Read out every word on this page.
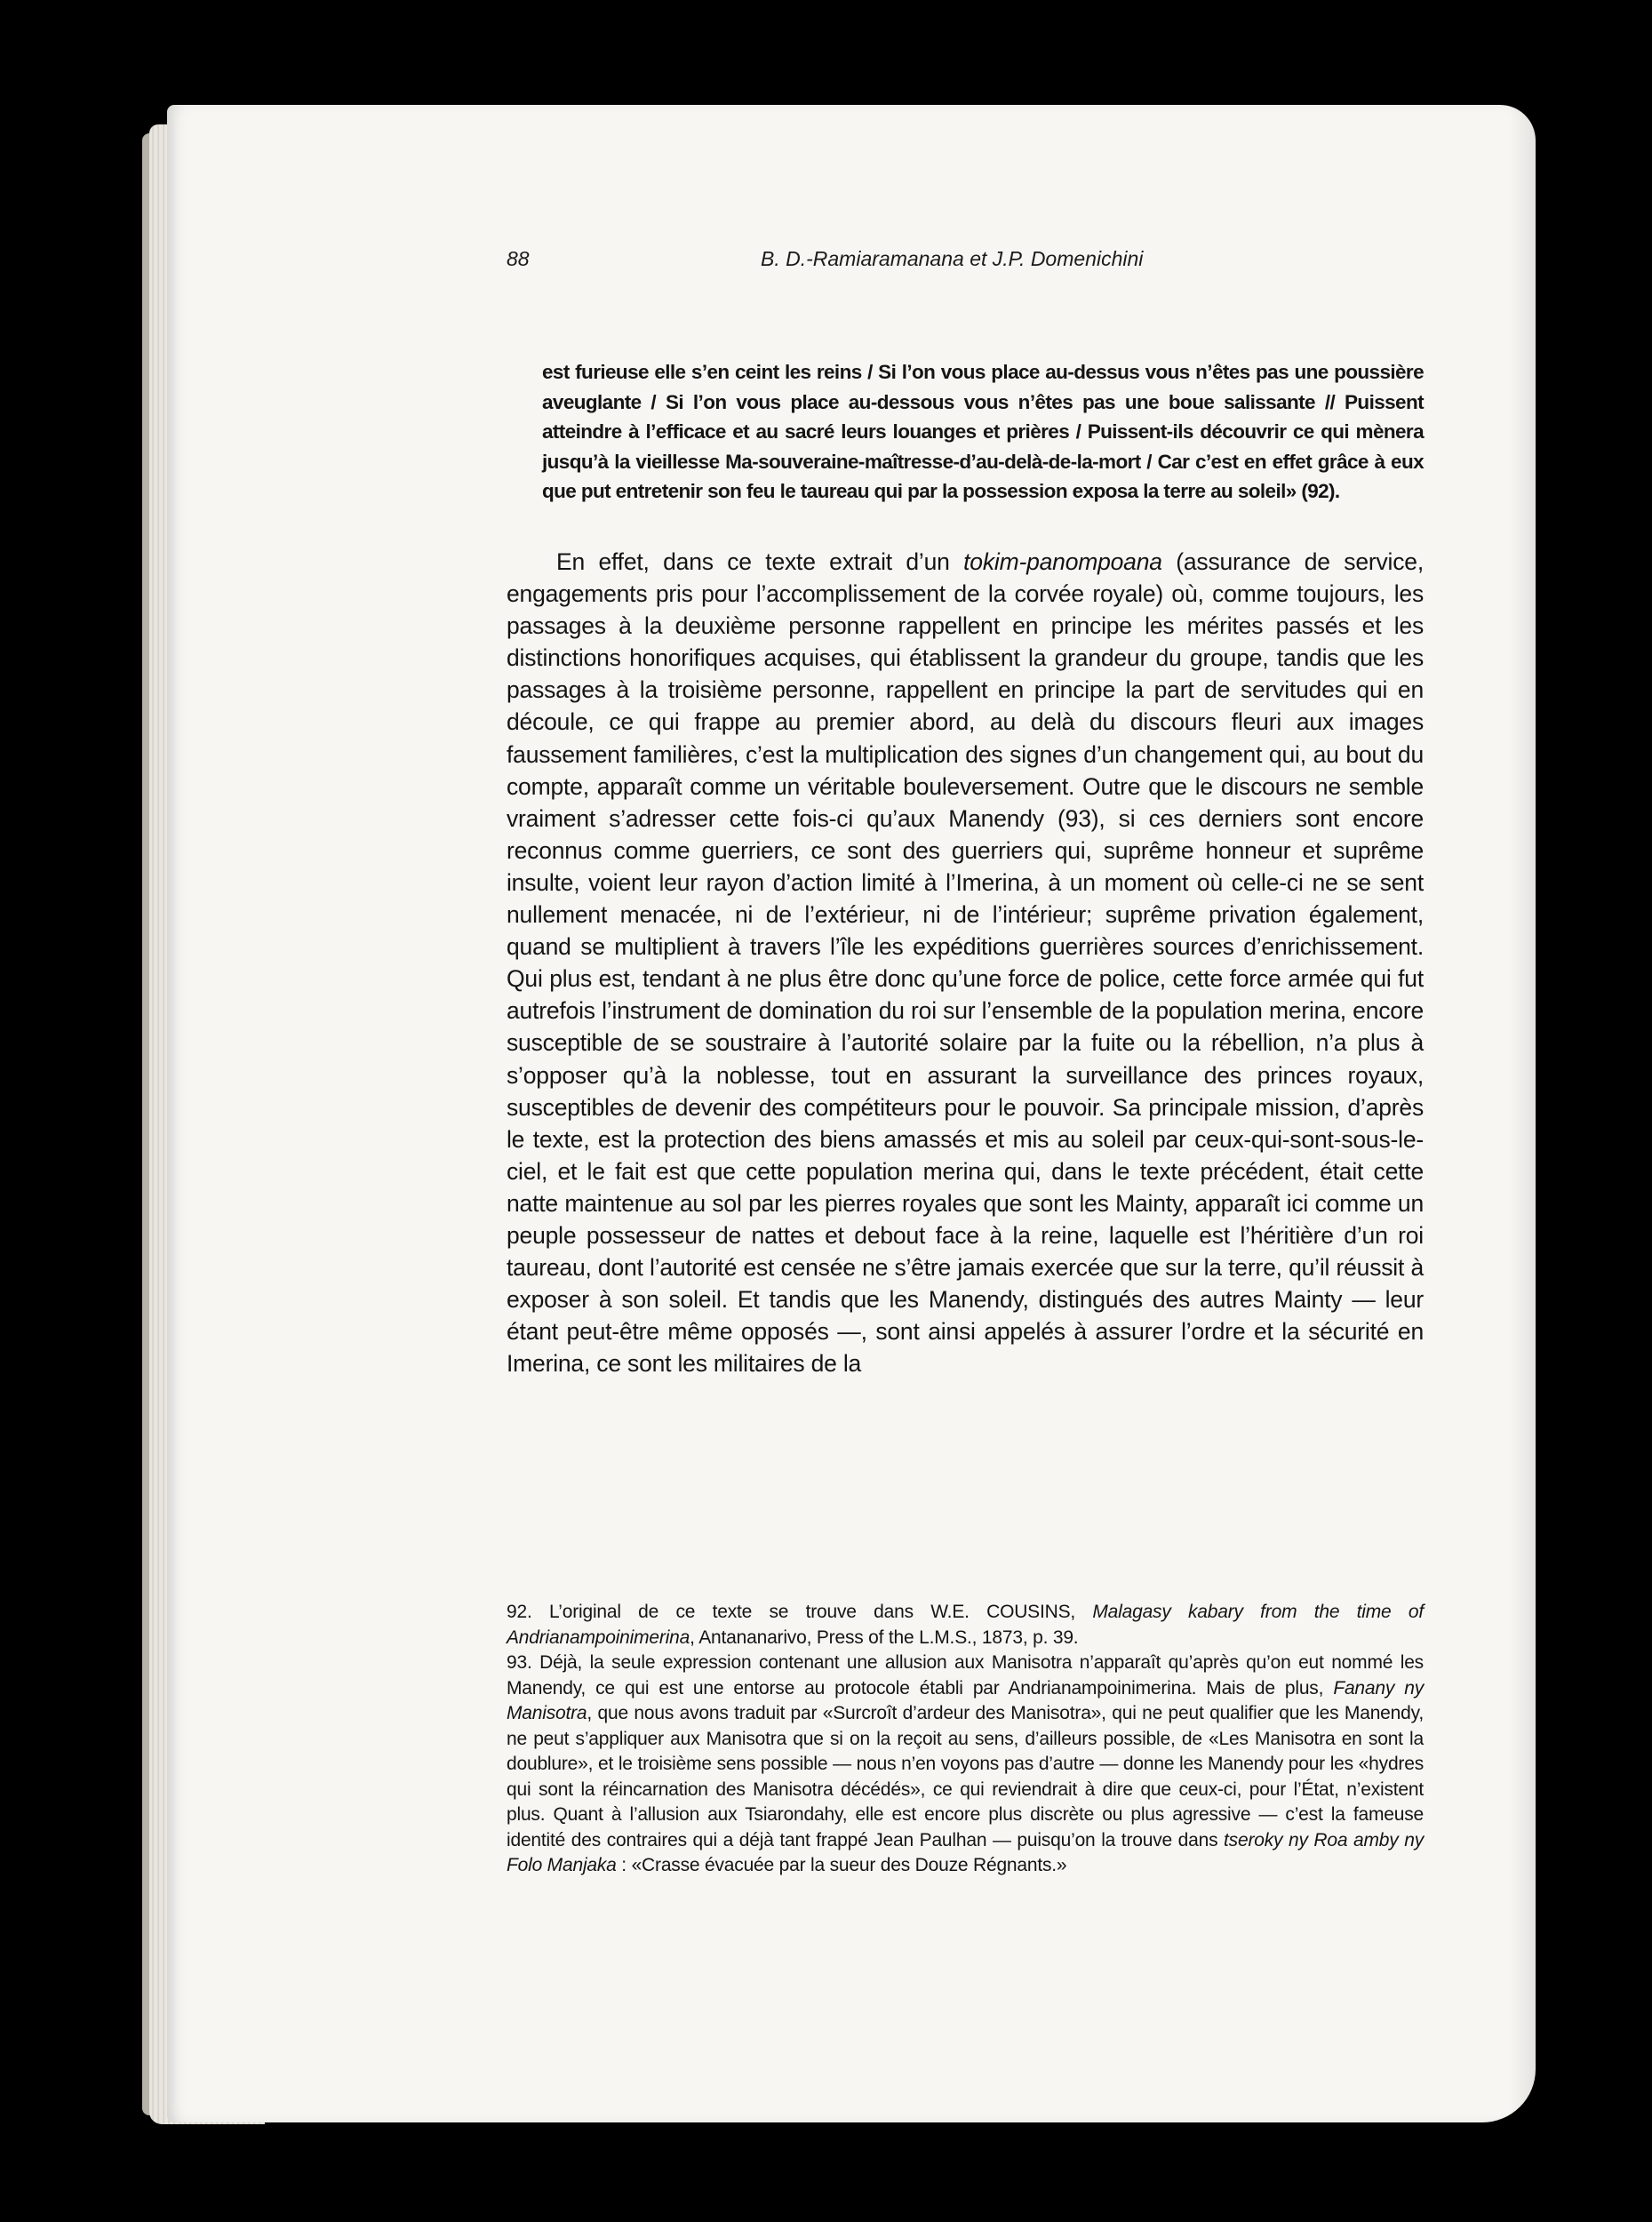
88	B. D.-Ramiaramanana et J.P. Domenichini

est furieuse elle s’en ceint les reins / Si l’on vous place au-dessus vous n’êtes pas une poussière aveuglante / Si l’on vous place au-dessous vous n’êtes pas une boue salissante // Puissent atteindre à l’efficace et au sacré leurs louanges et prières / Puissent-ils découvrir ce qui mènera jusqu’à la vieillesse Ma-souveraine-maîtresse-d’au-delà-de-la-mort / Car c’est en effet grâce à eux que put entretenir son feu le taureau qui par la possession exposa la terre au soleil» (92).

En effet, dans ce texte extrait d’un tokim-panompoana (assurance de service, engagements pris pour l’accomplissement de la corvée royale) où, comme toujours, les passages à la deuxième personne rappellent en principe les mérites passés et les distinctions honorifiques acquises, qui établissent la grandeur du groupe, tandis que les passages à la troisième personne, rappellent en principe la part de servitudes qui en découle, ce qui frappe au premier abord, au delà du discours fleuri aux images faussement familières, c’est la multiplication des signes d’un changement qui, au bout du compte, apparaît comme un véritable bouleversement. Outre que le discours ne semble vraiment s’adresser cette fois-ci qu’aux Manendy (93), si ces derniers sont encore reconnus comme guerriers, ce sont des guerriers qui, suprême honneur et suprême insulte, voient leur rayon d’action limité à l’Imerina, à un moment où celle-ci ne se sent nullement menacée, ni de l’extérieur, ni de l’intérieur; suprême privation également, quand se multiplient à travers l’île les expéditions guerrières sources d’enrichissement. Qui plus est, tendant à ne plus être donc qu’une force de police, cette force armée qui fut autrefois l’instrument de domination du roi sur l’ensemble de la population merina, encore susceptible de se soustraire à l’autorité solaire par la fuite ou la rébellion, n’a plus à s’opposer qu’à la noblesse, tout en assurant la surveillance des princes royaux, susceptibles de devenir des compétiteurs pour le pouvoir. Sa principale mission, d’après le texte, est la protection des biens amassés et mis au soleil par ceux-qui-sont-sous-le-ciel, et le fait est que cette population merina qui, dans le texte précédent, était cette natte maintenue au sol par les pierres royales que sont les Mainty, apparaît ici comme un peuple possesseur de nattes et debout face à la reine, laquelle est l’héritière d’un roi taureau, dont l’autorité est censée ne s’être jamais exercée que sur la terre, qu’il réussit à exposer à son soleil. Et tandis que les Manendy, distingués des autres Mainty — leur étant peut-être même opposés —, sont ainsi appelés à assurer l’ordre et la sécurité en Imerina, ce sont les militaires de la

92. L’original de ce texte se trouve dans W.E. COUSINS, Malagasy kabary from the time of Andrianampoinimerina, Antananarivo, Press of the L.M.S., 1873, p. 39.

93. Déjà, la seule expression contenant une allusion aux Manisotra n’apparaît qu’après qu’on eut nommé les Manendy, ce qui est une entorse au protocole établi par Andrianampoinimerina. Mais de plus, Fanany ny Manisotra, que nous avons traduit par «Surcroît d’ardeur des Manisotra», qui ne peut qualifier que les Manendy, ne peut s’appliquer aux Manisotra que si on la reçoit au sens, d’ailleurs possible, de «Les Manisotra en sont la doublure», et le troisième sens possible — nous n’en voyons pas d’autre — donne les Manendy pour les «hydres qui sont la réincarnation des Manisotra décédés», ce qui reviendrait à dire que ceux-ci, pour l’État, n’existent plus. Quant à l’allusion aux Tsiarondahy, elle est encore plus discrète ou plus agressive — c’est la fameuse identité des contraires qui a déjà tant frappé Jean Paulhan — puisqu’on la trouve dans tseroky ny Roa amby ny Folo Manjaka : «Crasse évacuée par la sueur des Douze Régnants.»
